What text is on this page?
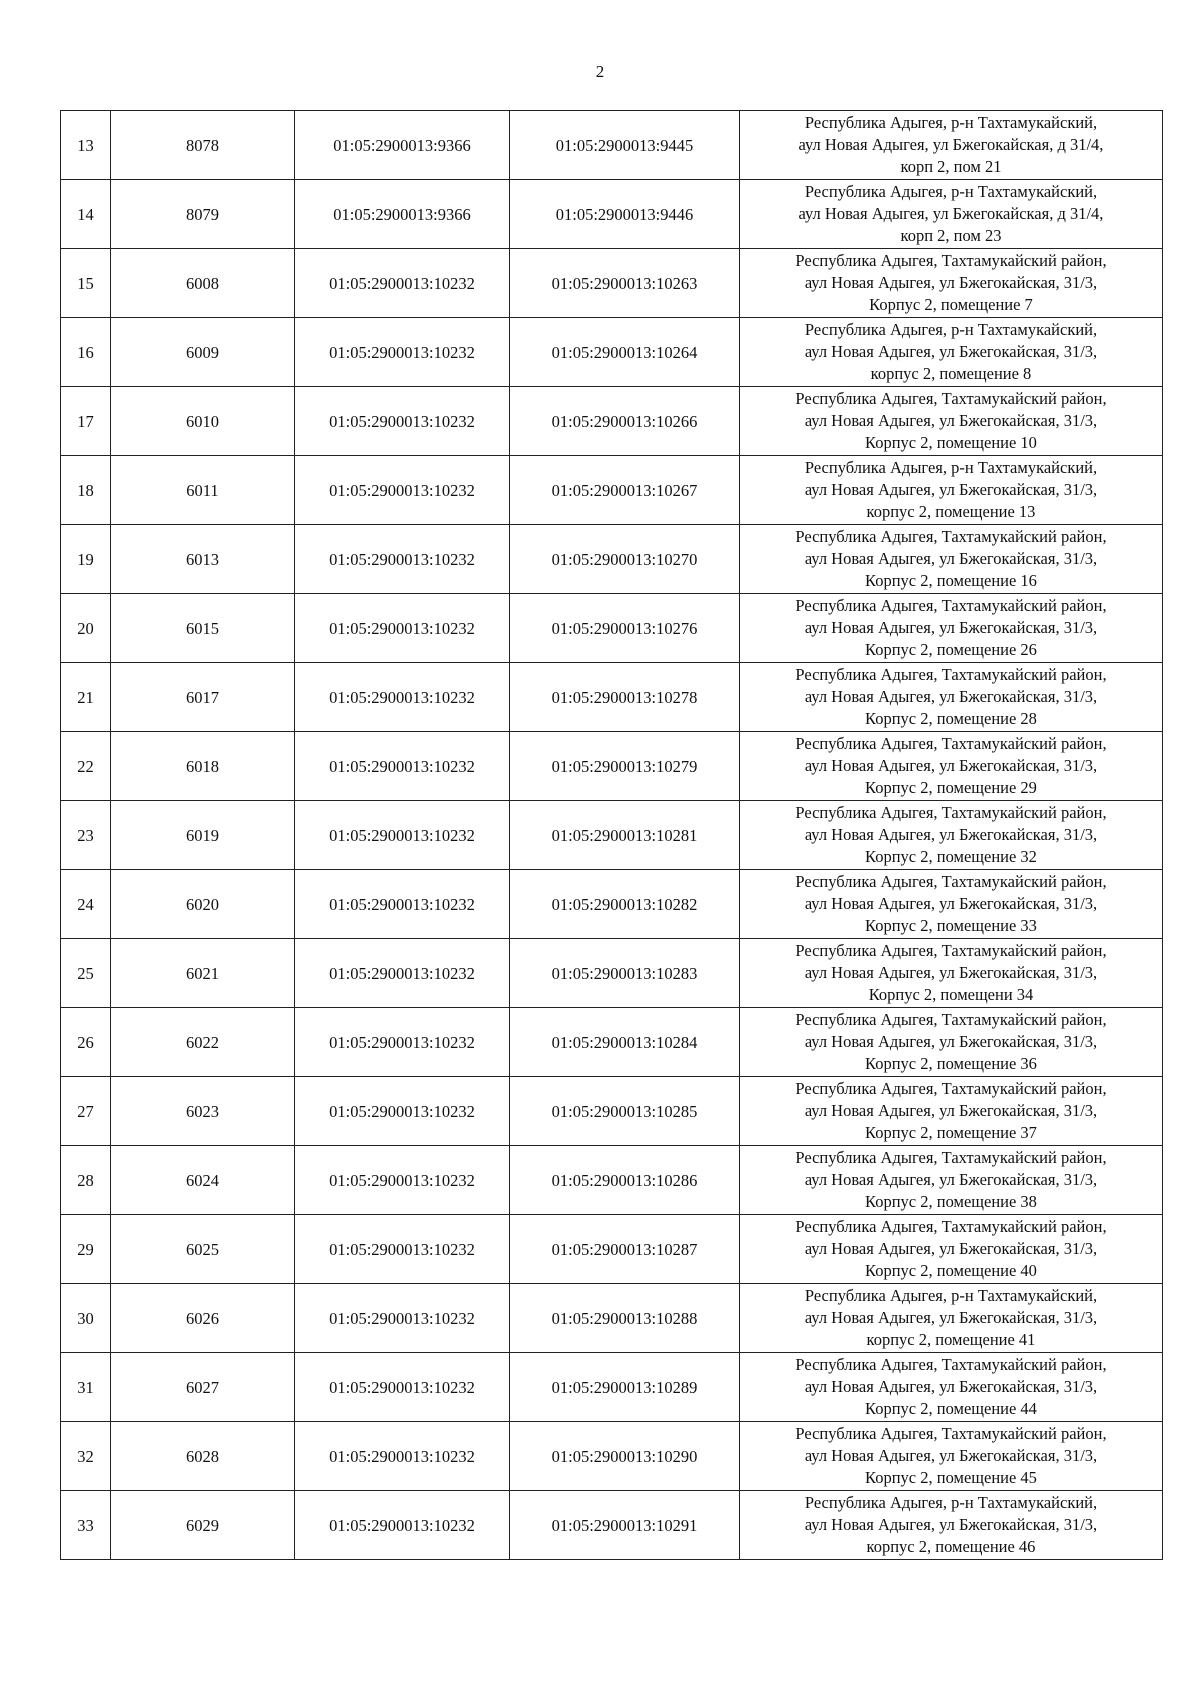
2
13	8078	01:05:2900013:9366	01:05:2900013:9445	Республика Адыгея, р-н Тахтамукайский,
аул Новая Адыгея, ул Бжегокайская, д 31/4,
корп 2, пом 21

14	8079	01:05:2900013:9366	01:05:2900013:9446	Республика Адыгея, р-н Тахтамукайский,
аул Новая Адыгея, ул Бжегокайская, д 31/4,
корп 2, пом 23

15	6008	01:05:2900013:10232	01:05:2900013:10263	Республика Адыгея, Тахтамукайский район,
аул Новая Адыгея, ул Бжегокайская, 31/3,
Корпус 2, помещение 7

16	6009	01:05:2900013:10232	01:05:2900013:10264	Республика Адыгея, р-н Тахтамукайский,
аул Новая Адыгея, ул Бжегокайская, 31/3,
корпус 2, помещение 8

17	6010	01:05:2900013:10232	01:05:2900013:10266	Республика Адыгея, Тахтамукайский район,
аул Новая Адыгея, ул Бжегокайская, 31/3,
Корпус 2, помещение 10

18	6011	01:05:2900013:10232	01:05:2900013:10267	Республика Адыгея, р-н Тахтамукайский,
аул Новая Адыгея, ул Бжегокайская, 31/3,
корпус 2, помещение 13

19	6013	01:05:2900013:10232	01:05:2900013:10270	Республика Адыгея, Тахтамукайский район,
аул Новая Адыгея, ул Бжегокайская, 31/3,
Корпус 2, помещение 16

20	6015	01:05:2900013:10232	01:05:2900013:10276	Республика Адыгея, Тахтамукайский район,
аул Новая Адыгея, ул Бжегокайская, 31/3,
Корпус 2, помещение 26

21	6017	01:05:2900013:10232	01:05:2900013:10278	Республика Адыгея, Тахтамукайский район,
аул Новая Адыгея, ул Бжегокайская, 31/3,
Корпус 2, помещение 28

22	6018	01:05:2900013:10232	01:05:2900013:10279	Республика Адыгея, Тахтамукайский район,
аул Новая Адыгея, ул Бжегокайская, 31/3,
Корпус 2, помещение 29

23	6019	01:05:2900013:10232	01:05:2900013:10281	Республика Адыгея, Тахтамукайский район,
аул Новая Адыгея, ул Бжегокайская, 31/3,
Корпус 2, помещение 32

24	6020	01:05:2900013:10232	01:05:2900013:10282	Республика Адыгея, Тахтамукайский район,
аул Новая Адыгея, ул Бжегокайская, 31/3,
Корпус 2, помещение 33

25	6021	01:05:2900013:10232	01:05:2900013:10283	Республика Адыгея, Тахтамукайский район,
аул Новая Адыгея, ул Бжегокайская, 31/3,
Корпус 2, помещени 34

26	6022	01:05:2900013:10232	01:05:2900013:10284	Республика Адыгея, Тахтамукайский район,
аул Новая Адыгея, ул Бжегокайская, 31/3,
Корпус 2, помещение 36

27	6023	01:05:2900013:10232	01:05:2900013:10285	Республика Адыгея, Тахтамукайский район,
аул Новая Адыгея, ул Бжегокайская, 31/3,
Корпус 2, помещение 37

28	6024	01:05:2900013:10232	01:05:2900013:10286	Республика Адыгея, Тахтамукайский район,
аул Новая Адыгея, ул Бжегокайская, 31/3,
Корпус 2, помещение 38

29	6025	01:05:2900013:10232	01:05:2900013:10287	Республика Адыгея, Тахтамукайский район,
аул Новая Адыгея, ул Бжегокайская, 31/3,
Корпус 2, помещение 40

30	6026	01:05:2900013:10232	01:05:2900013:10288	Республика Адыгея, р-н Тахтамукайский,
аул Новая Адыгея, ул Бжегокайская, 31/3,
корпус 2, помещение 41

31	6027	01:05:2900013:10232	01:05:2900013:10289	Республика Адыгея, Тахтамукайский район,
аул Новая Адыгея, ул Бжегокайская, 31/3,
Корпус 2, помещение 44

32	6028	01:05:2900013:10232	01:05:2900013:10290	Республика Адыгея, Тахтамукайский район,
аул Новая Адыгея, ул Бжегокайская, 31/3,
Корпус 2, помещение 45

33	6029	01:05:2900013:10232	01:05:2900013:10291	Республика Адыгея, р-н Тахтамукайский,
аул Новая Адыгея, ул Бжегокайская, 31/3,
корпус 2, помещение 46
